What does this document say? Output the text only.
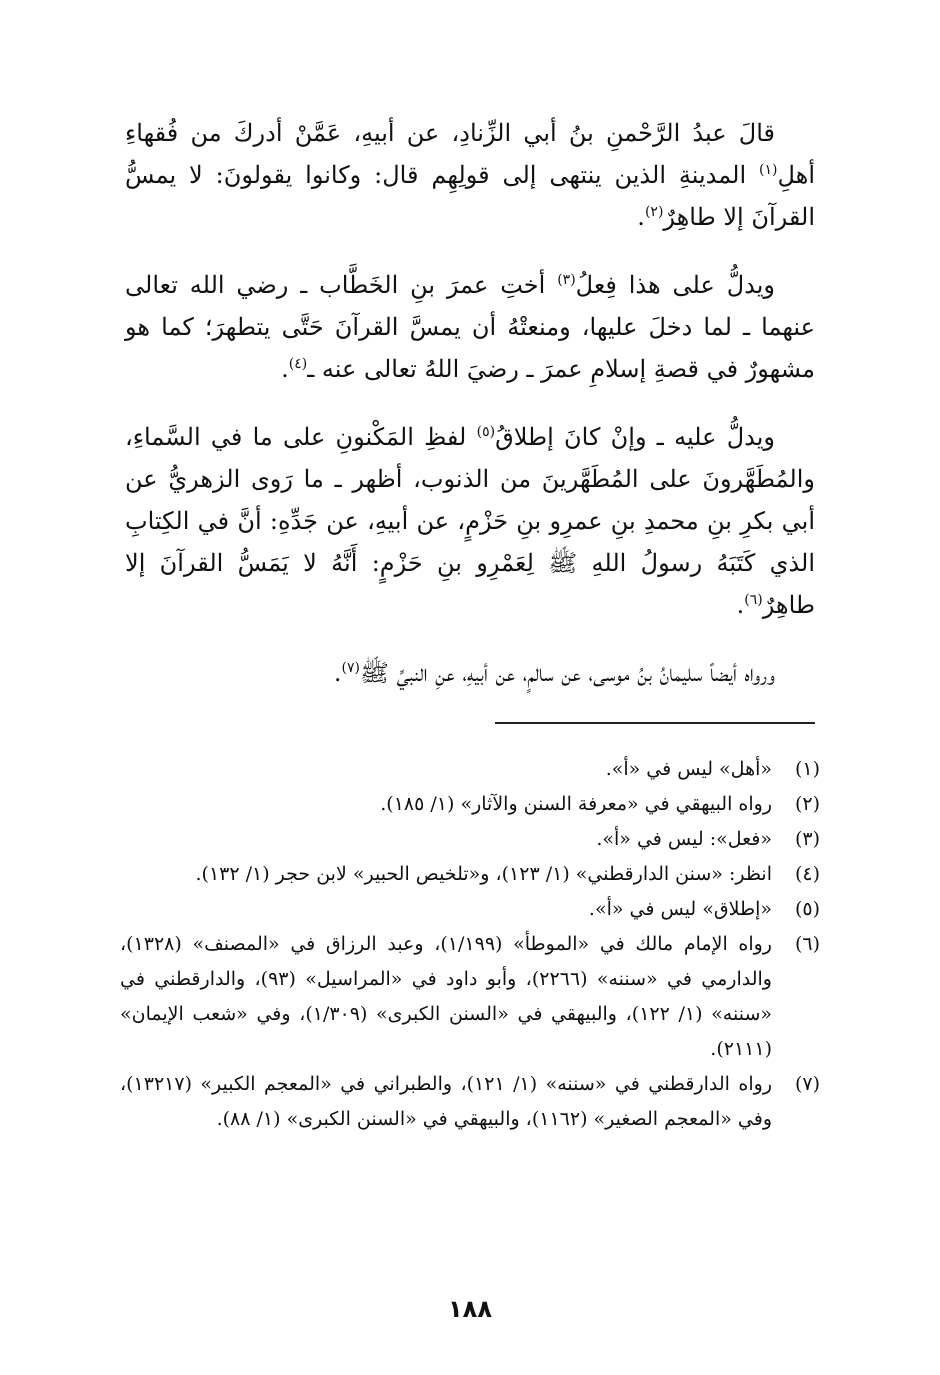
قالَ عبدُ الرَّحْمنِ بنُ أبي الزِّنادِ، عن أبيهِ، عَمَّنْ أدركَ من فُقهاءِ أهلِ$^{(١)}$ المدينةِ الذين ينتهى إلى قولِهِم قال: وكانوا يقولونَ: لا يمسُّ القرآنَ إلا طاهِرٌ$^{(٢)}$.

ويدلُّ على هذا فِعلُ$^{(٣)}$ أختِ عمرَ بنِ الخَطَّاب ـ رضي الله تعالى عنهما ـ لما دخلَ عليها، ومنعتْهُ أن يمسَّ القرآنَ حَتَّى يتطهرَ؛ كما هو مشهورٌ في قصةِ إسلامِ عمرَ ـ رضيَ اللهُ تعالى عنه ـ$^{(٤)}$.

ويدلُّ عليه ـ وإنْ كانَ إطلاقُ$^{(٥)}$ لفظِ المَكْنونِ على ما في السَّماءِ، والمُطَهَّرونَ على المُطَهَّرينَ من الذنوب، أظهر ـ ما رَوى الزهريُّ عن أبي بكرِ بنِ محمدِ بنِ عمرِو بنِ حَزْمٍ، عن أبيهِ، عن جَدِّهِ: أنَّ في الكِتابِ الذي كَتَبَهُ رسولُ اللهِ ﷺ لِعَمْرِو بنِ حَزْمٍ: أَنَّهُ لا يَمَسُّ القرآنَ إلا طاهِرٌ$^{(٦)}$.

ورواه أيضاً سليمانُ بنُ موسى، عن سالمٍ، عن أبيهِ، عنِ النبيِّ ﷺ$^{(٧)}$.

(١)
«أهل» ليس في «أ».
(٢)
رواه البيهقي في «معرفة السنن والآثار» (١/ ١٨٥).
(٣)
«فعل»: ليس في «أ».
(٤)
انظر: «سنن الدارقطني» (١/ ١٢٣)، و«تلخيص الحبير» لابن حجر (١/ ١٣٢).
(٥)
«إطلاق» ليس في «أ».
(٦)
رواه الإمام مالك في «الموطأ» (١/١٩٩)، وعبد الرزاق في «المصنف» (١٣٢٨)، والدارمي في «سننه» (٢٢٦٦)، وأبو داود في «المراسيل» (٩٣)، والدارقطني في «سننه» (١/ ١٢٢)، والبيهقي في «السنن الكبرى» (١/٣٠٩)، وفي «شعب الإيمان» (٢١١١).
(٧)
رواه الدارقطني في «سننه» (١/ ١٢١)، والطبراني في «المعجم الكبير» (١٣٢١٧)، وفي «المعجم الصغير» (١١٦٢)، والبيهقي في «السنن الكبرى» (١/ ٨٨).
١٨٨
